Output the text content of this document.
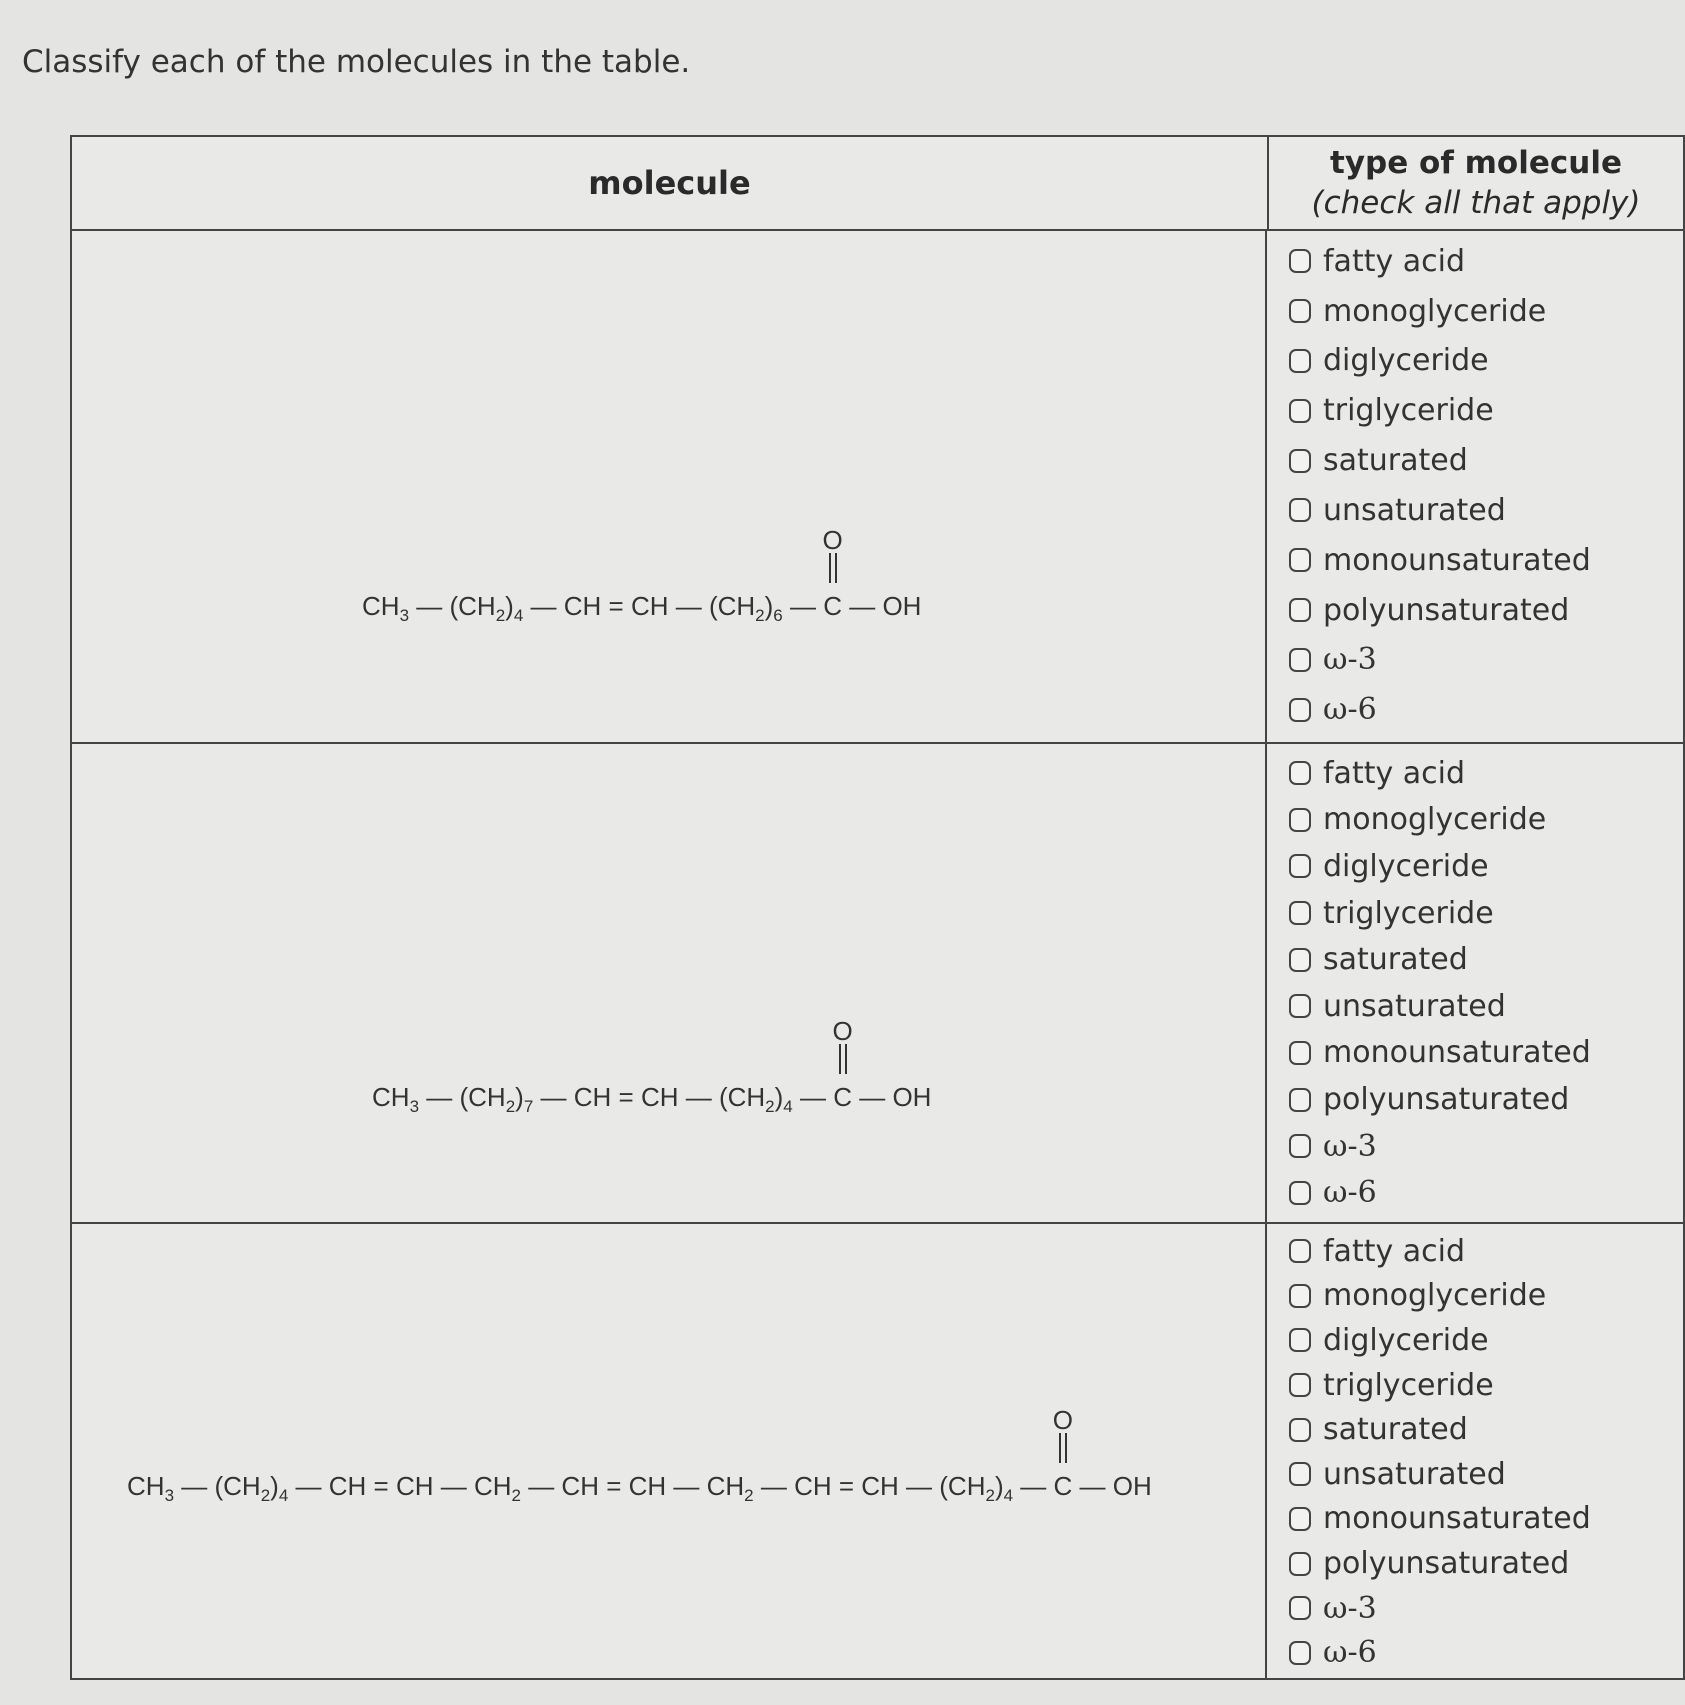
Classify each of the molecules in the table.
molecule
type of molecule
(check all that apply)
$CH_3$ — $(CH_2)_4$ — CH = CH — $(CH_2)_6$ —
O
C — OH
fatty acid
monoglyceride
diglyceride
triglyceride
saturated
unsaturated
monounsaturated
polyunsaturated
ω-3
ω-6
$CH_3$ — $(CH_2)_7$ — CH = CH — $(CH_2)_4$ —
O
C — OH
fatty acid
monoglyceride
diglyceride
triglyceride
saturated
unsaturated
monounsaturated
polyunsaturated
ω-3
ω-6
$CH_3$ — $(CH_2)_4$ — CH = CH — $CH_2$ — CH = CH — $CH_2$ — CH = CH — $(CH_2)_4$ —
O
C — OH
fatty acid
monoglyceride
diglyceride
triglyceride
saturated
unsaturated
monounsaturated
polyunsaturated
ω-3
ω-6
